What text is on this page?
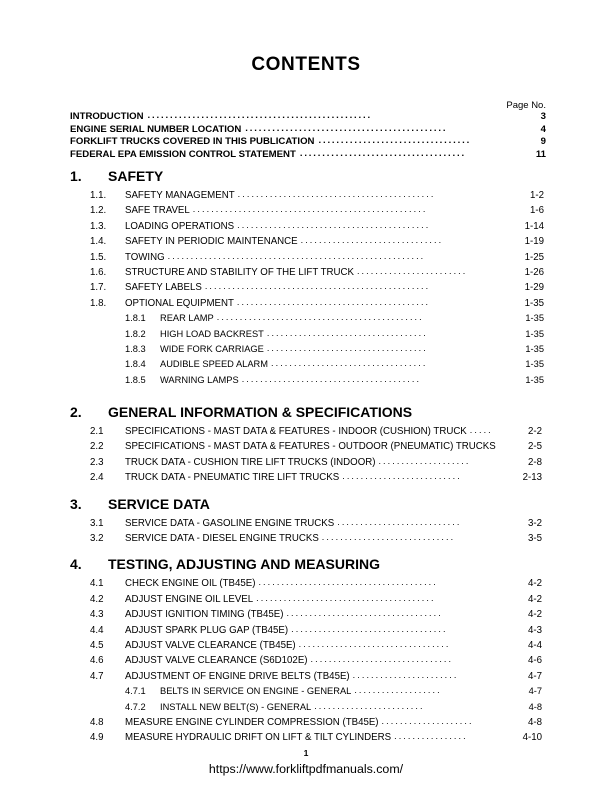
CONTENTS
Page No.
INTRODUCTION ..................................................	3
ENGINE SERIAL NUMBER LOCATION .............................................	4
FORKLIFT TRUCKS COVERED IN THIS PUBLICATION ..................................	9
FEDERAL EPA EMISSION CONTROL STATEMENT .....................................	11
1.	SAFETY
1.1.	SAFETY MANAGEMENT ...........................................	1-2
1.2.	SAFE TRAVEL ...................................................	1-6
1.3.	LOADING OPERATIONS ..........................................	1-14
1.4.	SAFETY IN PERIODIC MAINTENANCE ...............................	1-19
1.5.	TOWING ........................................................	1-25
1.6.	STRUCTURE AND STABILITY OF THE LIFT TRUCK ........................	1-26
1.7.	SAFETY LABELS .................................................	1-29
1.8.	OPTIONAL EQUIPMENT ..........................................	1-35
1.8.1	REAR LAMP .............................................	1-35
1.8.2	HIGH LOAD BACKREST ...................................	1-35
1.8.3	WIDE FORK CARRIAGE ...................................	1-35
1.8.4	AUDIBLE SPEED ALARM ..................................	1-35
1.8.5	WARNING LAMPS .......................................	1-35
2.	GENERAL INFORMATION & SPECIFICATIONS
2.1	SPECIFICATIONS - MAST DATA & FEATURES - INDOOR (CUSHION) TRUCK .....	2-2
2.2	SPECIFICATIONS - MAST DATA & FEATURES - OUTDOOR (PNEUMATIC) TRUCKS	2-5
2.3	TRUCK DATA - CUSHION TIRE LIFT TRUCKS (INDOOR) ....................	2-8
2.4	TRUCK DATA - PNEUMATIC TIRE LIFT TRUCKS ..........................	2-13
3.	SERVICE DATA
3.1	SERVICE DATA - GASOLINE ENGINE TRUCKS ...........................	3-2
3.2	SERVICE DATA - DIESEL ENGINE TRUCKS .............................	3-5
4.	TESTING, ADJUSTING AND MEASURING
4.1	CHECK ENGINE OIL (TB45E) .......................................	4-2
4.2	ADJUST ENGINE OIL LEVEL .......................................	4-2
4.3	ADJUST IGNITION TIMING (TB45E) ..................................	4-2
4.4	ADJUST SPARK PLUG GAP (TB45E) ..................................	4-3
4.5	ADJUST VALVE CLEARANCE (TB45E) .................................	4-4
4.6	ADJUST VALVE CLEARANCE (S6D102E) ...............................	4-6
4.7	ADJUSTMENT OF ENGINE DRIVE BELTS (TB45E) .......................	4-7
4.7.1	BELTS IN SERVICE ON ENGINE - GENERAL ...................	4-7
4.7.2	INSTALL NEW BELT(S) - GENERAL ........................	4-8
4.8	MEASURE ENGINE CYLINDER COMPRESSION (TB45E) ....................	4-8
4.9	MEASURE HYDRAULIC DRIFT ON LIFT & TILT CYLINDERS ................	4-10
1
https://www.forkliftpdfmanuals.com/
